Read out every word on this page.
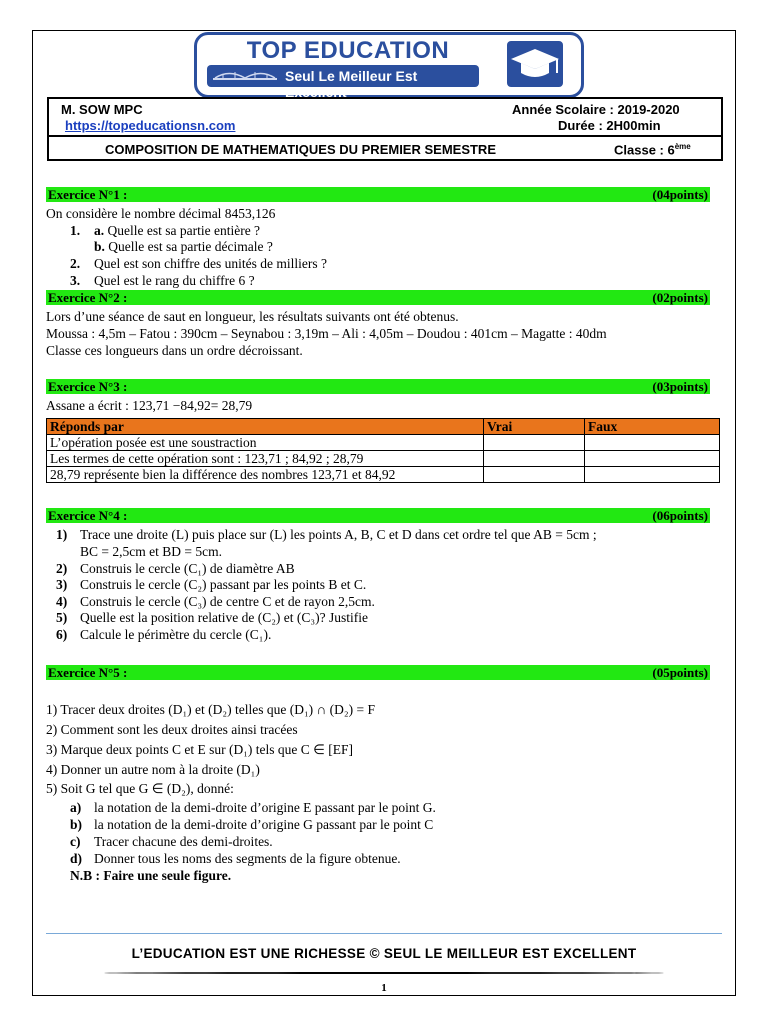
TOP EDUCATION
Seul Le Meilleur Est Excellent
M. SOW MPC
https://topeducationsn.com
Année Scolaire : 2019-2020
Durée : 2H00min
COMPOSITION DE MATHEMATIQUES DU PREMIER SEMESTRE	Classe : 6ème
Exercice N°1 :	(04points)
On considère le nombre décimal 8453,126
1. a. Quelle est sa partie entière ?
b. Quelle est sa partie décimale ?
2. Quel est son chiffre des unités de milliers ?
3. Quel est le rang du chiffre 6 ?
Exercice N°2 :	(02points)
Lors d’une séance de saut en longueur, les résultats suivants ont été obtenus.
Moussa : 4,5m – Fatou : 390cm – Seynabou : 3,19m – Ali : 4,05m – Doudou : 401cm – Magatte : 40dm
Classe ces longueurs dans un ordre décroissant.
Exercice N°3 :	(03points)
Assane a écrit : 123,71 −84,92= 28,79
Réponds par	Vrai	Faux
L’opération posée est une soustraction		
Les termes de cette opération sont : 123,71 ; 84,92 ; 28,79		
28,79 représente bien la différence des nombres 123,71 et 84,92		
Exercice N°4 :	(06points)
1) Trace une droite (L) puis place sur (L) les points A, B, C et D dans cet ordre tel que AB = 5cm ;
BC = 2,5cm et BD = 5cm.
2) Construis le cercle (C₁) de diamètre AB
3) Construis le cercle (C₂) passant par les points B et C.
4) Construis le cercle (C₃) de centre C et de rayon 2,5cm.
5) Quelle est la position relative de (C₂) et (C₃)? Justifie
6) Calcule le périmètre du cercle (C₁).
Exercice N°5 :	(05points)
1) Tracer deux droites (D₁) et (D₂) telles que (D₁) ∩ (D₂) = F
2) Comment sont les deux droites ainsi tracées
3) Marque deux points C et E sur (D₁) tels que C ∈ [EF]
4) Donner un autre nom à la droite (D₁)
5) Soit G tel que G ∈ (D₂), donné:
a) la notation de la demi-droite d’origine E passant par le point G.
b) la notation de la demi-droite d’origine G passant par le point C
c) Tracer chacune des demi-droites.
d) Donner tous les noms des segments de la figure obtenue.
N.B : Faire une seule figure.
L’EDUCATION EST UNE RICHESSE © SEUL LE MEILLEUR EST EXCELLENT
1
